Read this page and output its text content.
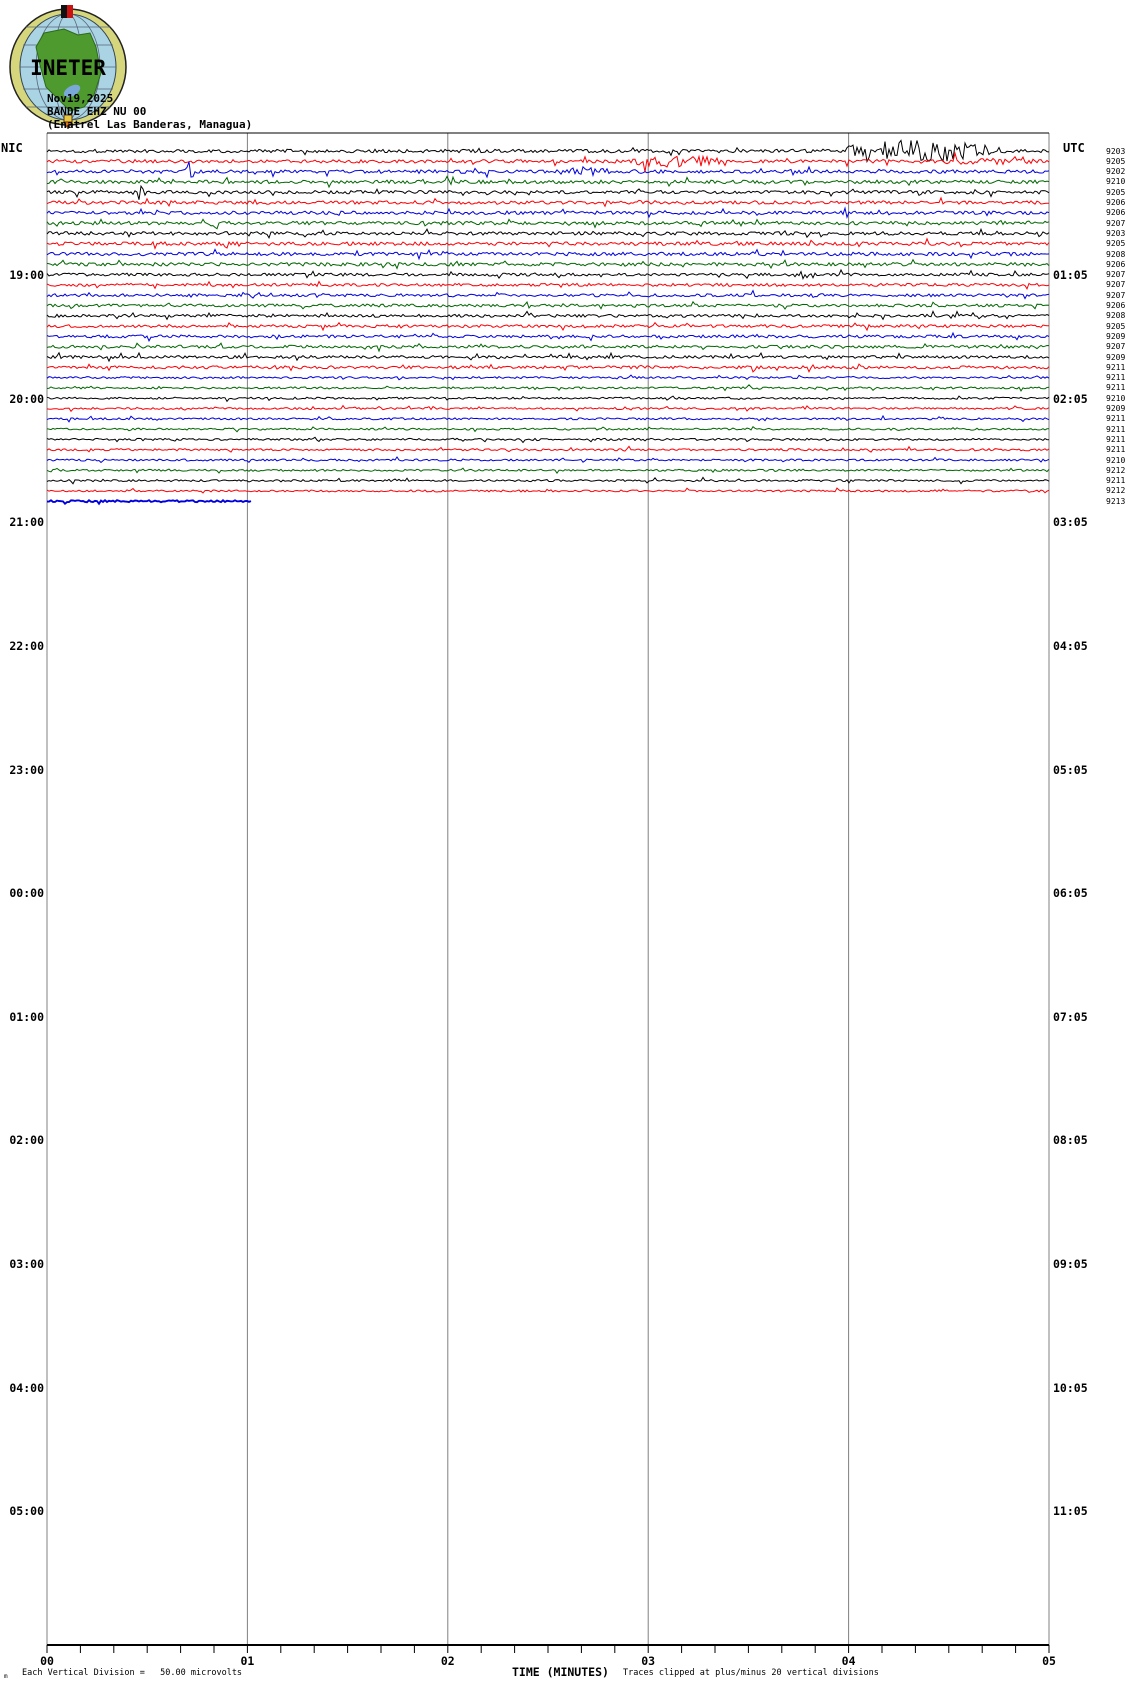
INETER
Nov19,2025
BANDE EHZ NU 00
(Enatrel Las Banderas, Managua)
NIC	UTC
19:00
20:00
21:00
22:00
23:00
00:00
01:00
02:00
03:00
04:00
05:00
01:05
02:05
03:05
04:05
05:05
06:05
07:05
08:05
09:05
10:05
11:05
9203
9205
9202
9210
9205
9206
9206
9207
9203
9205
9208
9206
9207
9207
9207
9206
9208
9205
9209
9207
9209
9211
9211
9211
9210
9209
9211
9211
9211
9211
9210
9212
9211
9212
9213
00	01	02	03	04	05
m Each Vertical Division =   50.00 microvolts	TIME (MINUTES) Traces clipped at plus/minus 20 vertical divisions
